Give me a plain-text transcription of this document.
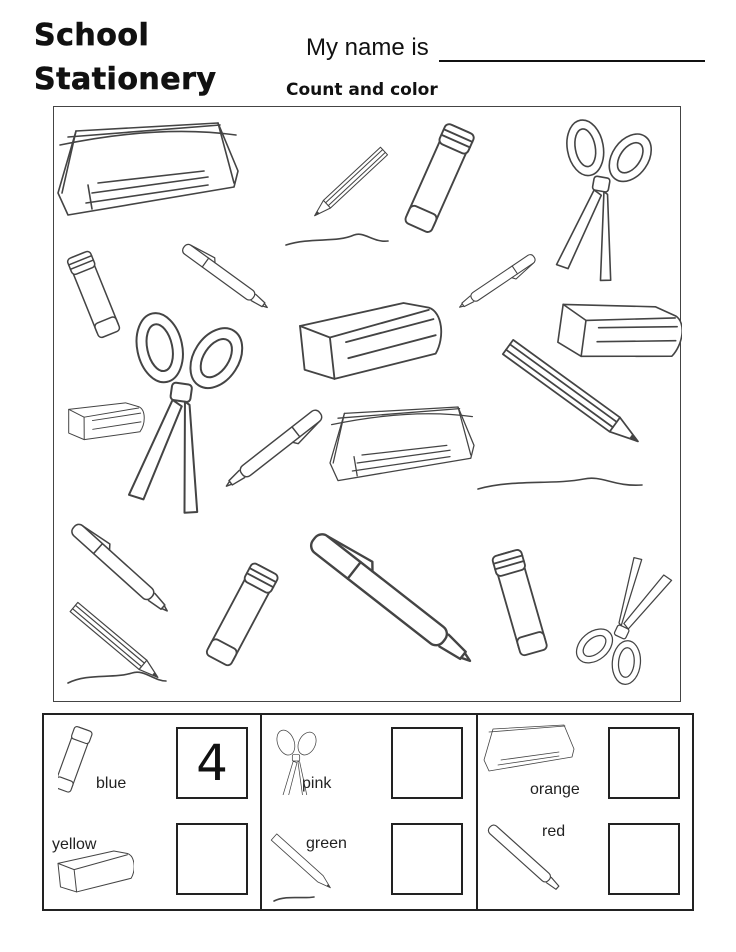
School
Stationery
My name is
Count and color
blue	4
yellow
pink
green
orange
red
